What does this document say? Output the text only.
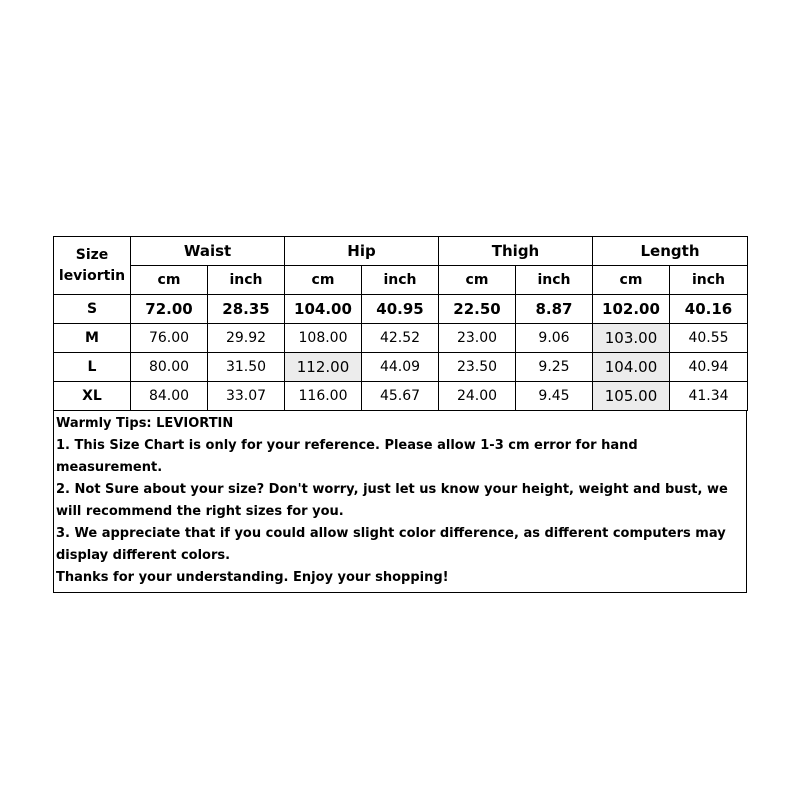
Size
leviortin	Waist		Hip		Thigh		Length	
	cm	inch	cm	inch	cm	inch	cm	inch
S	72.00	28.35	104.00	40.95	22.50	8.87	102.00	40.16
M	76.00	29.92	108.00	42.52	23.00	9.06	103.00	40.55
L	80.00	31.50	112.00	44.09	23.50	9.25	104.00	40.94
XL	84.00	33.07	116.00	45.67	24.00	9.45	105.00	41.34
Warmly Tips: LEVIORTIN
1. This Size Chart is only for your reference. Please allow 1-3 cm error for hand measurement.
2. Not Sure about your size? Don't worry, just let us know your height, weight and bust, we will recommend the right sizes for you.
3. We appreciate that if you could allow slight color difference, as different computers may display different colors.
Thanks for your understanding. Enjoy your shopping!
